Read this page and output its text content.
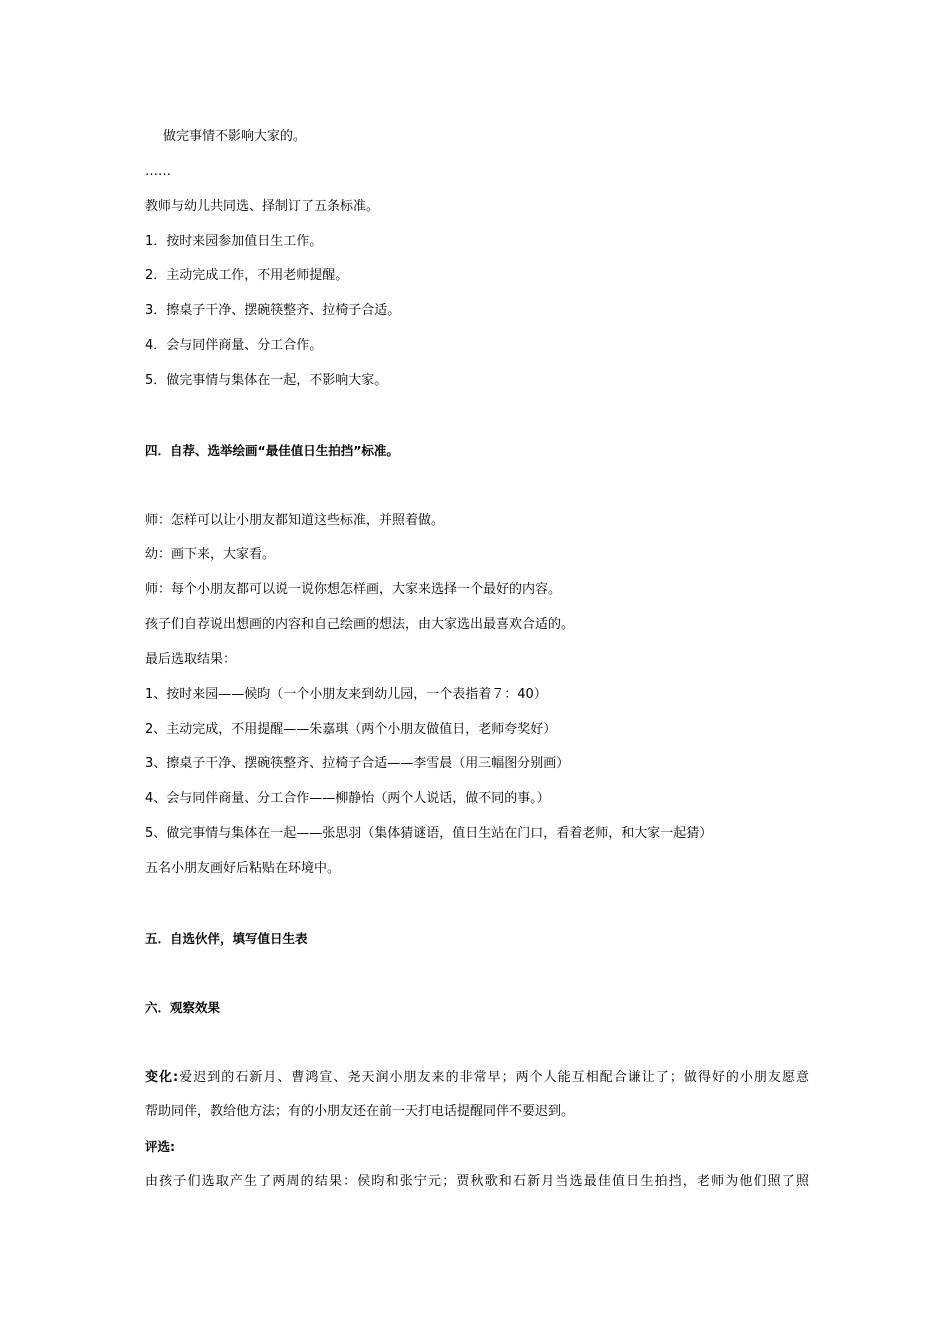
做完事情不影响大家的。
……
教师与幼儿共同选、择制订了五条标准。
1．按时来园参加值日生工作。
2．主动完成工作，不用老师提醒。
3．擦桌子干净、摆碗筷整齐、拉椅子合适。
4．会与同伴商量、分工合作。
5．做完事情与集体在一起，不影响大家。
四．自荐、选举绘画“最佳值日生拍挡”标准。
师：怎样可以让小朋友都知道这些标准，并照着做。
幼：画下来，大家看。
师：每个小朋友都可以说一说你想怎样画，大家来选择一个最好的内容。
孩子们自荐说出想画的内容和自己绘画的想法，由大家选出最喜欢合适的。
最后选取结果：
1、按时来园——候昀（一个小朋友来到幼儿园，一个表指着７：40）
2、主动完成，不用提醒——朱嘉琪（两个小朋友做值日，老师夸奖好）
3、擦桌子干净、摆碗筷整齐、拉椅子合适——李雪晨（用三幅图分别画）
4、会与同伴商量、分工合作——柳静怡（两个人说话，做不同的事。）
5、做完事情与集体在一起——张思羽（集体猜谜语，值日生站在门口，看着老师，和大家一起猜）
五名小朋友画好后粘贴在环境中。
五．自选伙伴，填写值日生表
六．观察效果
变化:爱迟到的石新月、曹鸿宣、尧天润小朋友来的非常早；两个人能互相配合谦让了；做得好的小朋友愿意
帮助同伴，教给他方法；有的小朋友还在前一天打电话提醒同伴不要迟到。
评选:
由孩子们选取产生了两周的结果：侯昀和张宁元；贾秋歌和石新月当选最佳值日生拍挡，老师为他们照了照
